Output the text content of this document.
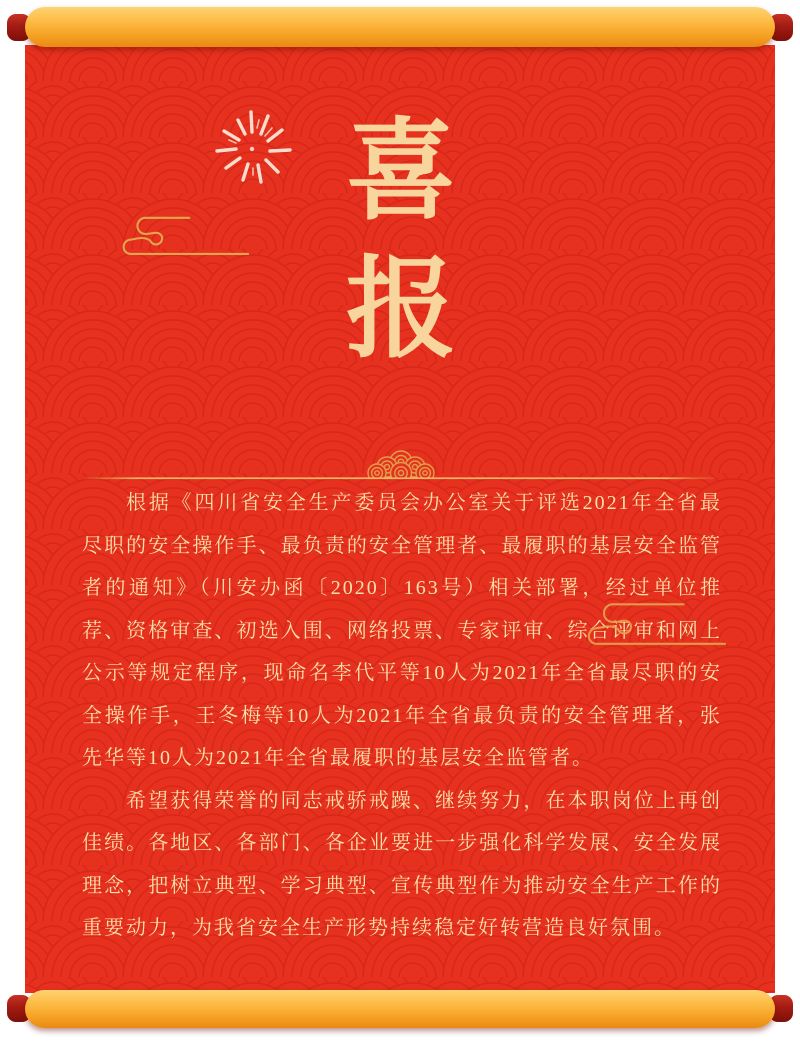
喜报

根据《四川省安全生产委员会办公室关于评选2021年全省最尽职的安全操作手、最负责的安全管理者、最履职的基层安全监管者的通知》（川安办函〔2020〕163号）相关部署，经过单位推荐、资格审查、初选入围、网络投票、专家评审、综合评审和网上公示等规定程序，现命名李代平等10人为2021年全省最尽职的安全操作手，王冬梅等10人为2021年全省最负责的安全管理者，张先华等10人为2021年全省最履职的基层安全监管者。

希望获得荣誉的同志戒骄戒躁、继续努力，在本职岗位上再创佳绩。各地区、各部门、各企业要进一步强化科学发展、安全发展理念，把树立典型、学习典型、宣传典型作为推动安全生产工作的重要动力，为我省安全生产形势持续稳定好转营造良好氛围。
